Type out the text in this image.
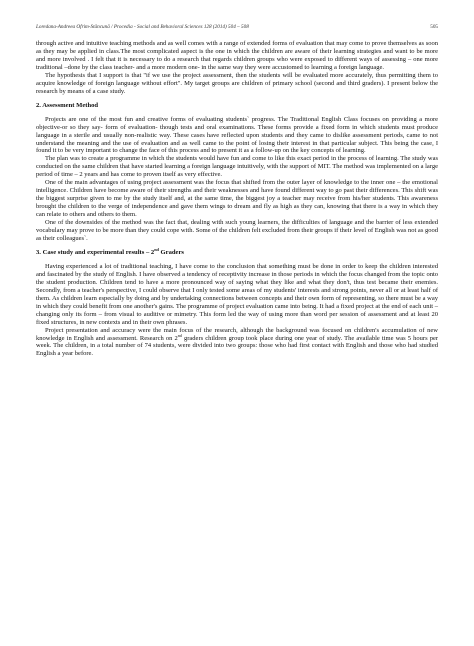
Loredana-Andreea Ofrim-Stăncună / Procedia - Social and Behavioral Sciences 128 (2014) 504 – 508	505

through active and intuitive teaching methods and as well comes with a range of extended forms of evaluation that may come to prove themselves as soon as they may be applied in class.The most complicated aspect is the one in which the children are aware of their learning strategies and want to be more and more involved . I felt that it is necessary to do a research that regards children groups who were exposed to different ways of assessing – one more traditional –done by the class teacher- and a more modern one- in the same way they were accustomed to learning a foreign language.

The hypothesis that I support is that "if we use the project assessment, then the students will be evaluated more accurately, thus permitting them to acquire knowledge of foreign language without effort". My target groups are children of primary school (second and third graders). I present below the research by means of a case study.

2. Assessment Method

Projects are one of the most fun and creative forms of evaluating students` progress. The Traditional English Class focuses on providing a more objective-or so they say- form of evaluation- though tests and oral examinations. These forms provide a fixed form in which students must produce language in a sterile and usually non-realistic way. These cases have reflected upon students and they came to dislike assessment periods, came to not understand the meaning and the use of evaluation and as well came to the point of losing their interest in that particular subject. This being the case, I found it to be very important to change the face of this process and to present it as a follow-up on the key concepts of learning.

The plan was to create a programme in which the students would have fun and come to like this exact period in the process of learning. The study was conducted on the same children that have started learning a foreign language intuitively, with the support of MIT. The method was implemented on a large period of time – 2 years and has come to proven itself as very effective.

One of the main advantages of using project assessment was the focus that shifted from the outer layer of knowledge to the inner one – the emotional intelligence. Children have become aware of their strengths and their weaknesses and have found different way to go past their differences. This shift was the biggest surprise given to me by the study itself and, at the same time, the biggest joy a teacher may receive from his/her students. This awareness brought the children to the verge of independence and gave them wings to dream and fly as high as they can, knowing that there is a way in which they can relate to others and others to them.

One of the downsides of the method was the fact that, dealing with such young learners, the difficulties of language and the barrier of less extended vocabulary may prove to be more than they could cope with. Some of the children felt excluded from their groups if their level of English was not as good as their colleagues`.

3. Case study and experimental results – 2nd Graders

Having experienced a lot of traditional teaching, I have come to the conclusion that something must be done in order to keep the children interested and fascinated by the study of English. I have observed a tendency of receptivity increase in those periods in which the focus changed from the topic onto the student production. Children tend to have a more pronounced way of saying what they like and what they don't, thus test became their enemies. Secondly, from a teacher's perspective, I could observe that I only tested some areas of my students' interests and strong points, never all or at least half of them. As children learn especially by doing and by undertaking connections between concepts and their own form of representing, so there must be a way in which they could benefit from one another's gains. The programme of project evaluation came into being. It had a fixed project at the end of each unit – changing only its form – from visual to auditive or mimetry. This form led the way of using more than word per session of assessment and at least 20 fixed structures, in new contexts and in their own phrases.

Project presentation and accuracy were the main focus of the research, although the background was focused on children's accumulation of new knowledge in English and assessment. Research on 2nd graders children group took place during one year of study. The available time was 5 hours per week. The children, in a total number of 74 students, were divided into two groups: those who had first contact with English and those who had studied English a year before.
